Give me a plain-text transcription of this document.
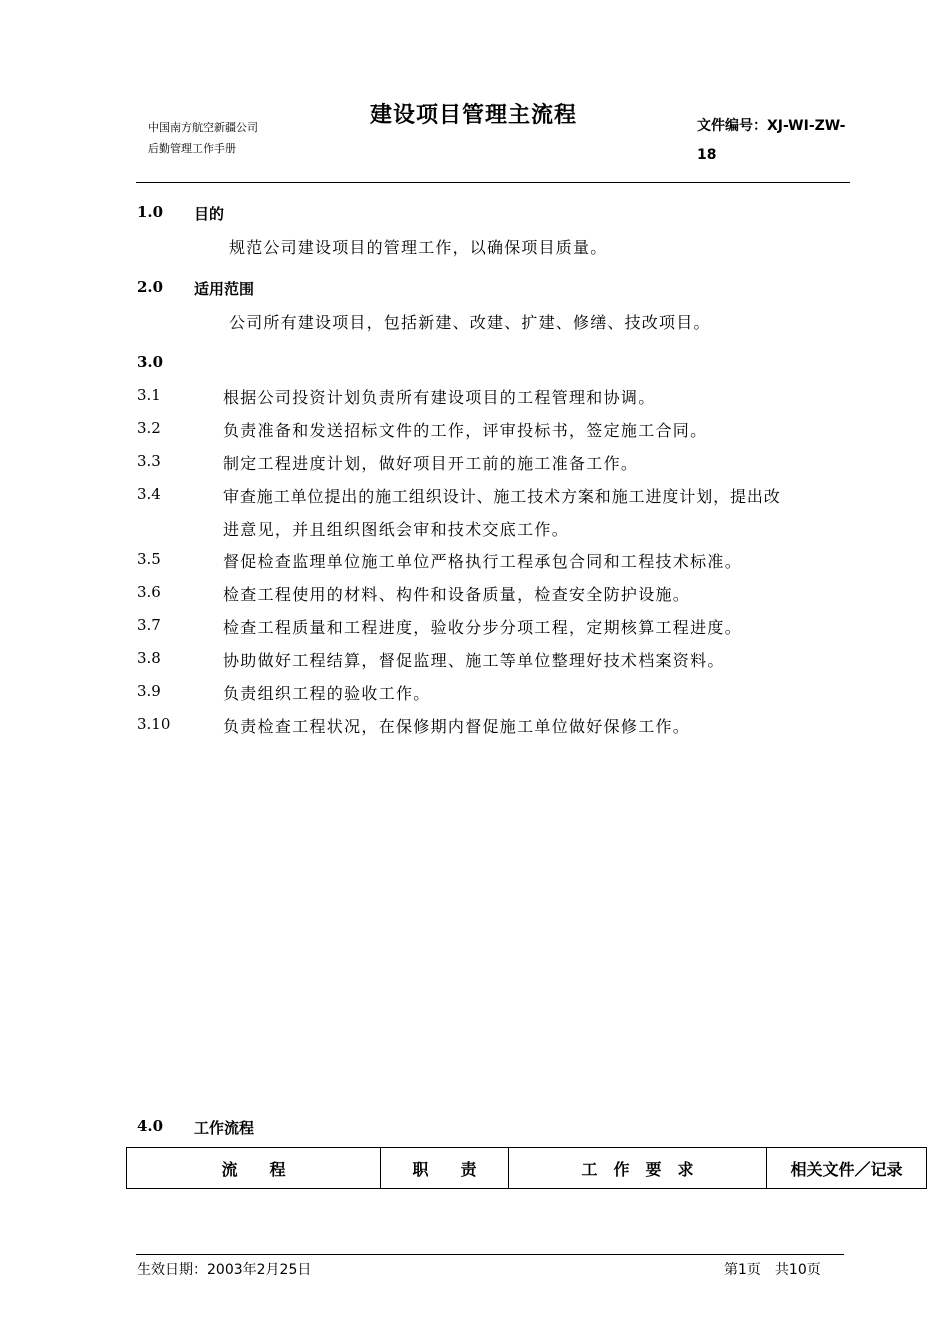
中国南方航空新疆公司
后勤管理工作手册
建设项目管理主流程	文件编号：XJ-WI-ZW-
18
1.0 目的
规范公司建设项目的管理工作，以确保项目质量。
2.0 适用范围
公司所有建设项目，包括新建、改建、扩建、修缮、技改项目。
3.0
3.1	根据公司投资计划负责所有建设项目的工程管理和协调。
3.2	负责准备和发送招标文件的工作，评审投标书，签定施工合同。
3.3	制定工程进度计划，做好项目开工前的施工准备工作。
3.4	审查施工单位提出的施工组织设计、施工技术方案和施工进度计划，提出改
进意见，并且组织图纸会审和技术交底工作。
3.5	督促检查监理单位施工单位严格执行工程承包合同和工程技术标准。
3.6	检查工程使用的材料、构件和设备质量，检查安全防护设施。
3.7	检查工程质量和工程进度，验收分步分项工程，定期核算工程进度。
3.8	协助做好工程结算，督促监理、施工等单位整理好技术档案资料。
3.9	负责组织工程的验收工作。
3.10	负责检查工程状况，在保修期内督促施工单位做好保修工作。
4.0 工作流程
流　　程	职　　责	工　作　要　求	相关文件／记录
生效日期：2003年2月25日	第1页　共10页
